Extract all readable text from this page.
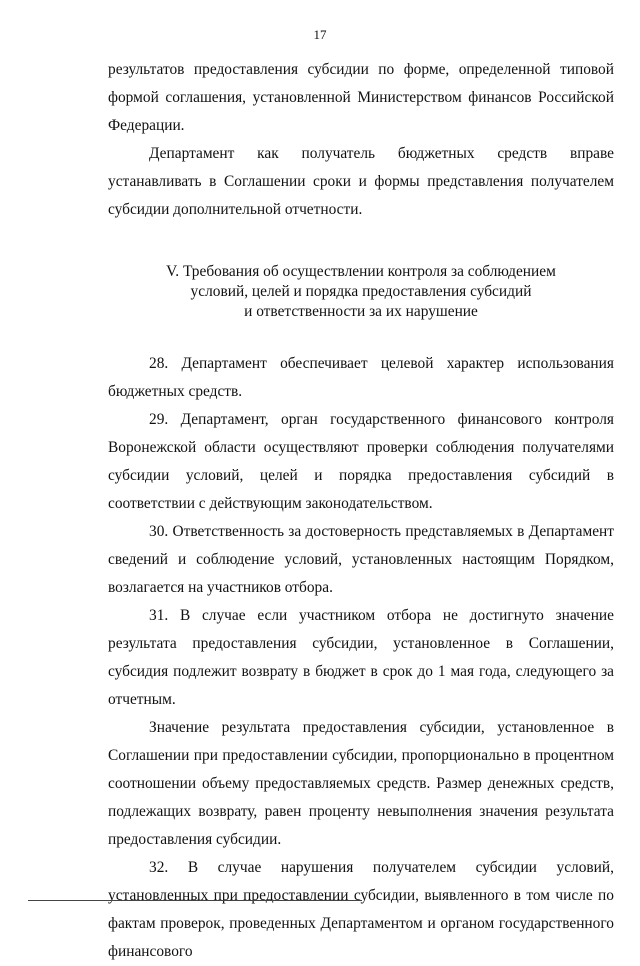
17

результатов предоставления субсидии по форме, определенной типовой формой соглашения, установленной Министерством финансов Российской Федерации.

Департамент как получатель бюджетных средств вправе устанавливать в Соглашении сроки и формы представления получателем субсидии дополнительной отчетности.

V. Требования об осуществлении контроля за соблюдением
условий, целей и порядка предоставления субсидий
и ответственности за их нарушение

28. Департамент обеспечивает целевой характер использования бюджетных средств.

29. Департамент, орган государственного финансового контроля Воронежской области осуществляют проверки соблюдения получателями субсидии условий, целей и порядка предоставления субсидий в соответствии с действующим законодательством.

30. Ответственность за достоверность представляемых в Департамент сведений и соблюдение условий, установленных настоящим Порядком, возлагается на участников отбора.

31. В случае если участником отбора не достигнуто значение результата предоставления субсидии, установленное в Соглашении, субсидия подлежит возврату в бюджет в срок до 1 мая года, следующего за отчетным.

Значение результата предоставления субсидии, установленное в Соглашении при предоставлении субсидии, пропорционально в процентном соотношении объему предоставляемых средств. Размер денежных средств, подлежащих возврату, равен проценту невыполнения значения результата предоставления субсидии.

32. В случае нарушения получателем субсидии условий, установленных при предоставлении субсидии, выявленного в том числе по фактам проверок, проведенных Департаментом и органом государственного финансового
